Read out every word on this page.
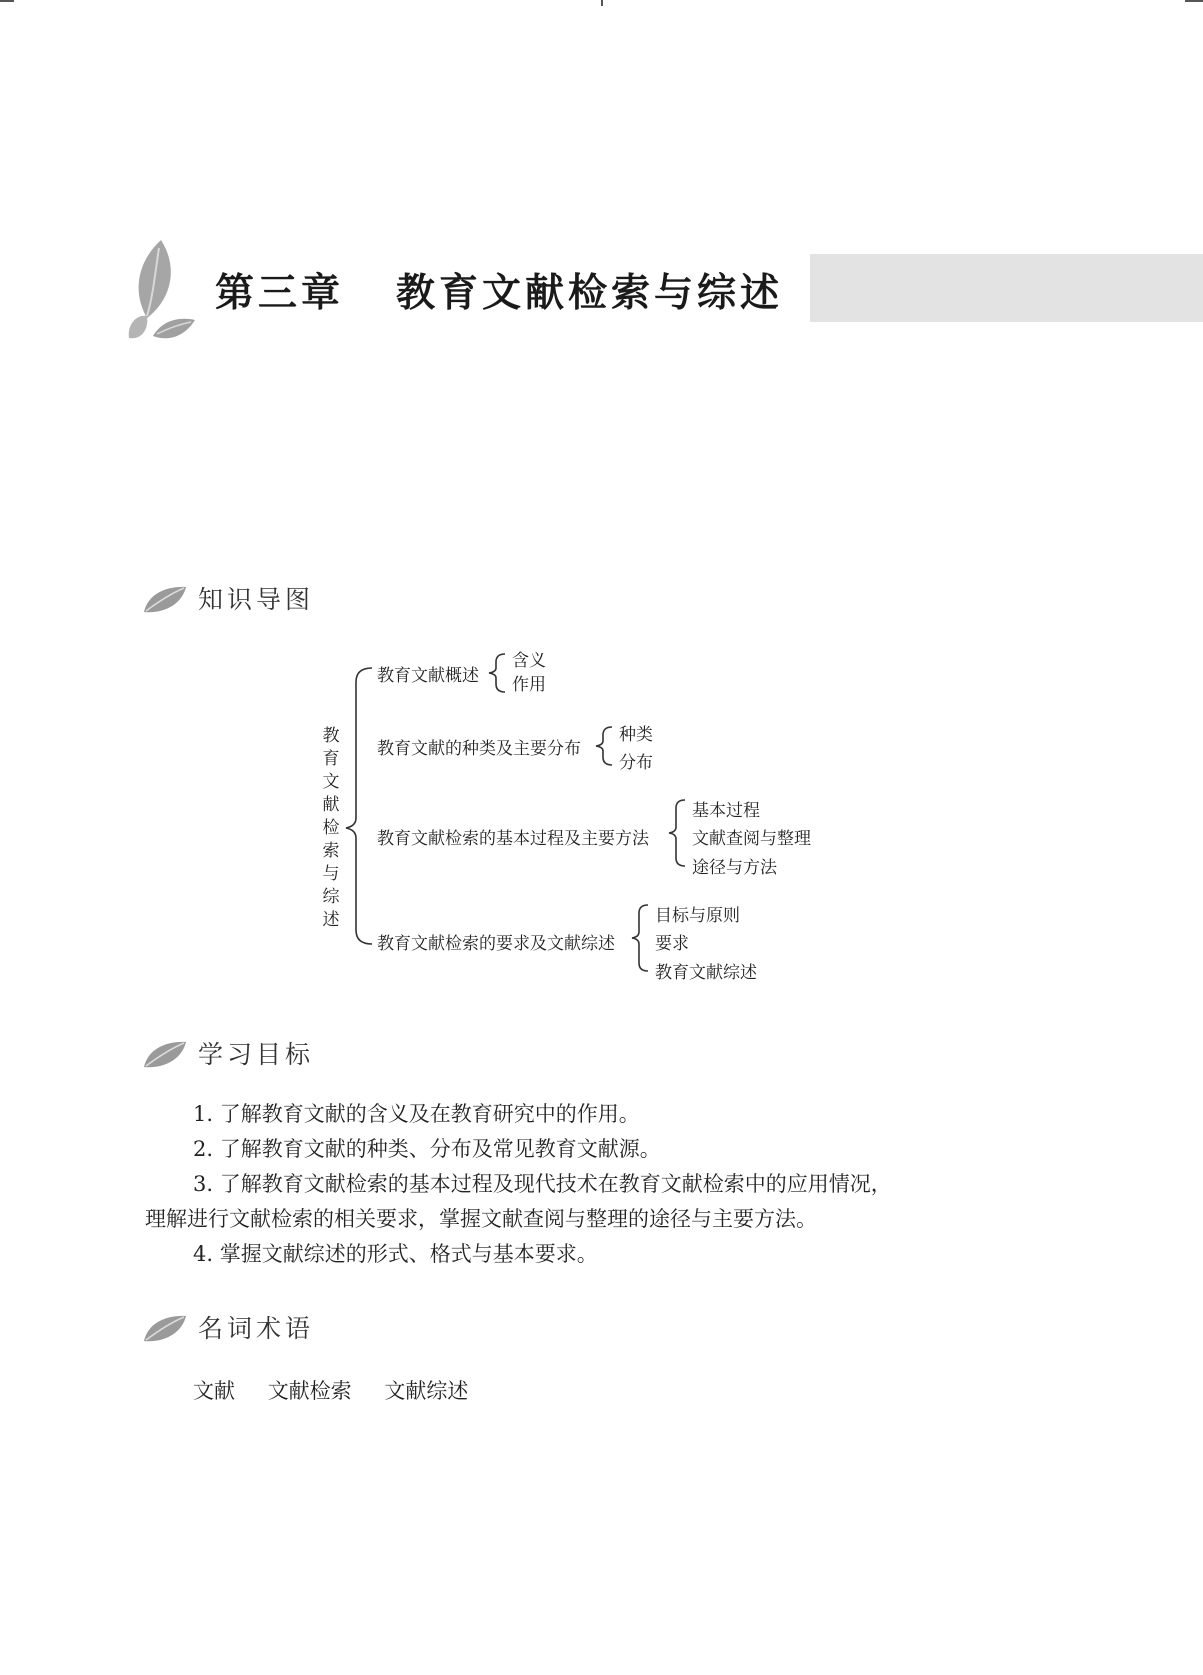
第三章 教育文献检索与综述
知识导图
教
育
文
献
检
索
与
综
述
教育文献概述
含义
作用
教育文献的种类及主要分布
种类
分布
教育文献检索的基本过程及主要方法
基本过程
文献查阅与整理
途径与方法
教育文献检索的要求及文献综述
目标与原则
要求
教育文献综述
学习目标
1. 了解教育文献的含义及在教育研究中的作用。
2. 了解教育文献的种类、分布及常见教育文献源。
3. 了解教育文献检索的基本过程及现代技术在教育文献检索中的应用情况，
理解进行文献检索的相关要求，掌握文献查阅与整理的途径与主要方法。
4. 掌握文献综述的形式、格式与基本要求。
名词术语
文献 文献检索 文献综述
